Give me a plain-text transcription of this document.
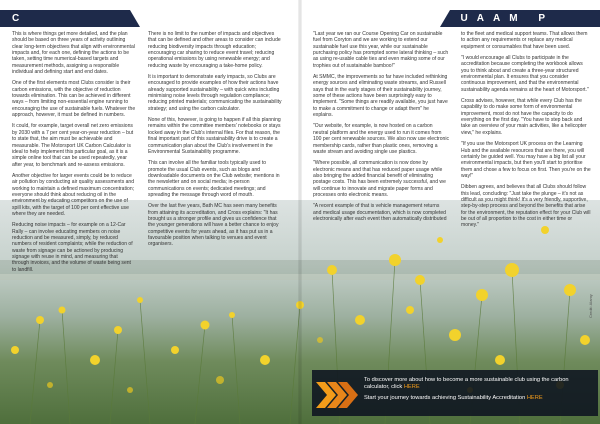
C	UAAM P

This is where things get more detailed, and the plan should be based on three years of activity outlining clear long-term objectives that align with environmental impacts and, for each one, defining the actions to be taken, setting time numerical-based targets and measurement methods, assigning a responsible individual and defining start and end dates.

One of the first elements most Clubs consider is their carbon emissions, with the objective of reduction towards elimination. This can be achieved in different ways – from limiting non-essential engine running to encouraging the use of sustainable fuels. Whatever the approach, however, it must be defined in numbers.

It could, for example, target overall net zero emissions by 2030 with a 7 per cent year-on-year reduction – but to state that, the aim must be achievable and measurable. The Motorsport UK Carbon Calculator is ideal to help implement this particular goal, as it is a simple online tool that can be used repeatedly, year after year, to benchmark and re-assess emissions.

Another objective for larger events could be to reduce air pollution by conducting air quality assessments and working to maintain a defined maximum concentration; everyone should think about reducing oil in the environment by educating competitors on the use of spill kits, with the target of 100 per cent effective use where they are needed.

Reducing noise impacts – for example on a 12-Car Rally – can involve educating members on noise reduction and be measured, simply, by reduced numbers of resident complaints; while the reduction of waste from signage can be actioned by producing signage with reuse in mind, and measuring that through invoices, and the volume of waste being sent to landfill.

There is no limit to the number of impacts and objectives that can be defined and other areas to consider can include reducing biodiversity impacts through education; encouraging car sharing to reduce event travel; reducing operational emissions by using renewable energy; and reducing waste by encouraging a take-home policy.

It is important to demonstrate early impacts, so Clubs are encouraged to provide examples of how their actions have already supported sustainability – with quick wins including minimising noise levels through regulation compliance; reducing printed materials; communicating the sustainability strategy; and using the carbon calculator.

None of this, however, is going to happen if all this planning remains within the committee members' notebooks or stays locked away in the Club's internal files. For that reason, the final important part of this sustainability drive is to create a communication plan about the Club's involvement in the Environmental Sustainability programme.

This can involve all the familiar tools typically used to promote the usual Club events, such as blogs and downloadable documents on the Club website; mentions in the newsletter and on social media; in-person communications on events; dedicated meetings; and spreading the message through word of mouth.

Over the last five years, Bath MC has seen many benefits from attaining its accreditation, and Cross explains: "It has brought us a stronger profile and gives us confidence that the younger generations will have a better chance to enjoy competitive events for years ahead, as it has put us in a favourable position when talking to venues and event organisers.

"Last year we ran our Course Opening Car on sustainable fuel from Coryton and we are working to extend our sustainable fuel use this year, while our sustainable purchasing policy has prompted some lateral thinking – such as using re-usable cable ties and even making some of our trophies out of sustainable bamboo!"

At SMMC, the improvements so far have included rethinking energy sources and eliminating waste streams, and Russell says that in the early stages of their sustainability journey, some of these actions have been surprisingly easy to implement. "Some things are readily available, you just have to make a commitment to change or adapt them" he explains.

"Our website, for example, is now hosted on a carbon neutral platform and the energy used to run it comes from 100 per cent renewable sources. We also now use electronic membership cards, rather than plastic ones, removing a waste stream and avoiding single use plastics.

"Where possible, all communication is now done by electronic means and that has reduced paper usage while also bringing the added financial benefit of eliminating postage costs. This has been extremely successful, and we will continue to innovate and migrate paper forms and processes onto electronic means.

"A recent example of that is vehicle management returns and medical usage documentation, which is now completed electronically after each event then automatically distributed

to the fleet and medical support teams. That allows them to action any requirements or replace any medical equipment or consumables that have been used.

"I would encourage all Clubs to participate in the accreditation because completing the workbook allows you to think about and create a three-year structured environmental plan. It ensures that you consider continuous improvement, and that the environmental sustainability agenda remains at the heart of Motorsport."

Cross advises, however, that while every Club has the capability to do make some form of environmental improvement, most do not have the capacity to do everything on the first day. "You have to step back and take an overview of your main activities, like a helicopter view," he explains.

"If you use the Motorsport UK process on the Learning Hub and the available resources that are there, you will certainly be guided well. You may have a big list all your environmental impacts, but then you'll start to prioritise them and chose a few to focus on first. Then you're on the way!"

Dibben agrees, and believes that all Clubs should follow this lead, concluding: "Just take the plunge – it's not as difficult as you might think! It's a very friendly, supportive, step-by-step process and beyond the benefits that arise for the environment, the reputation effect for your Club will be out of all proportion to the cost in either time or money."

Credit: Alamy

To discover more about how to become a more sustainable club using the carbon calculator, click HERE

Start your journey towards achieving Sustainability Accreditation HERE
